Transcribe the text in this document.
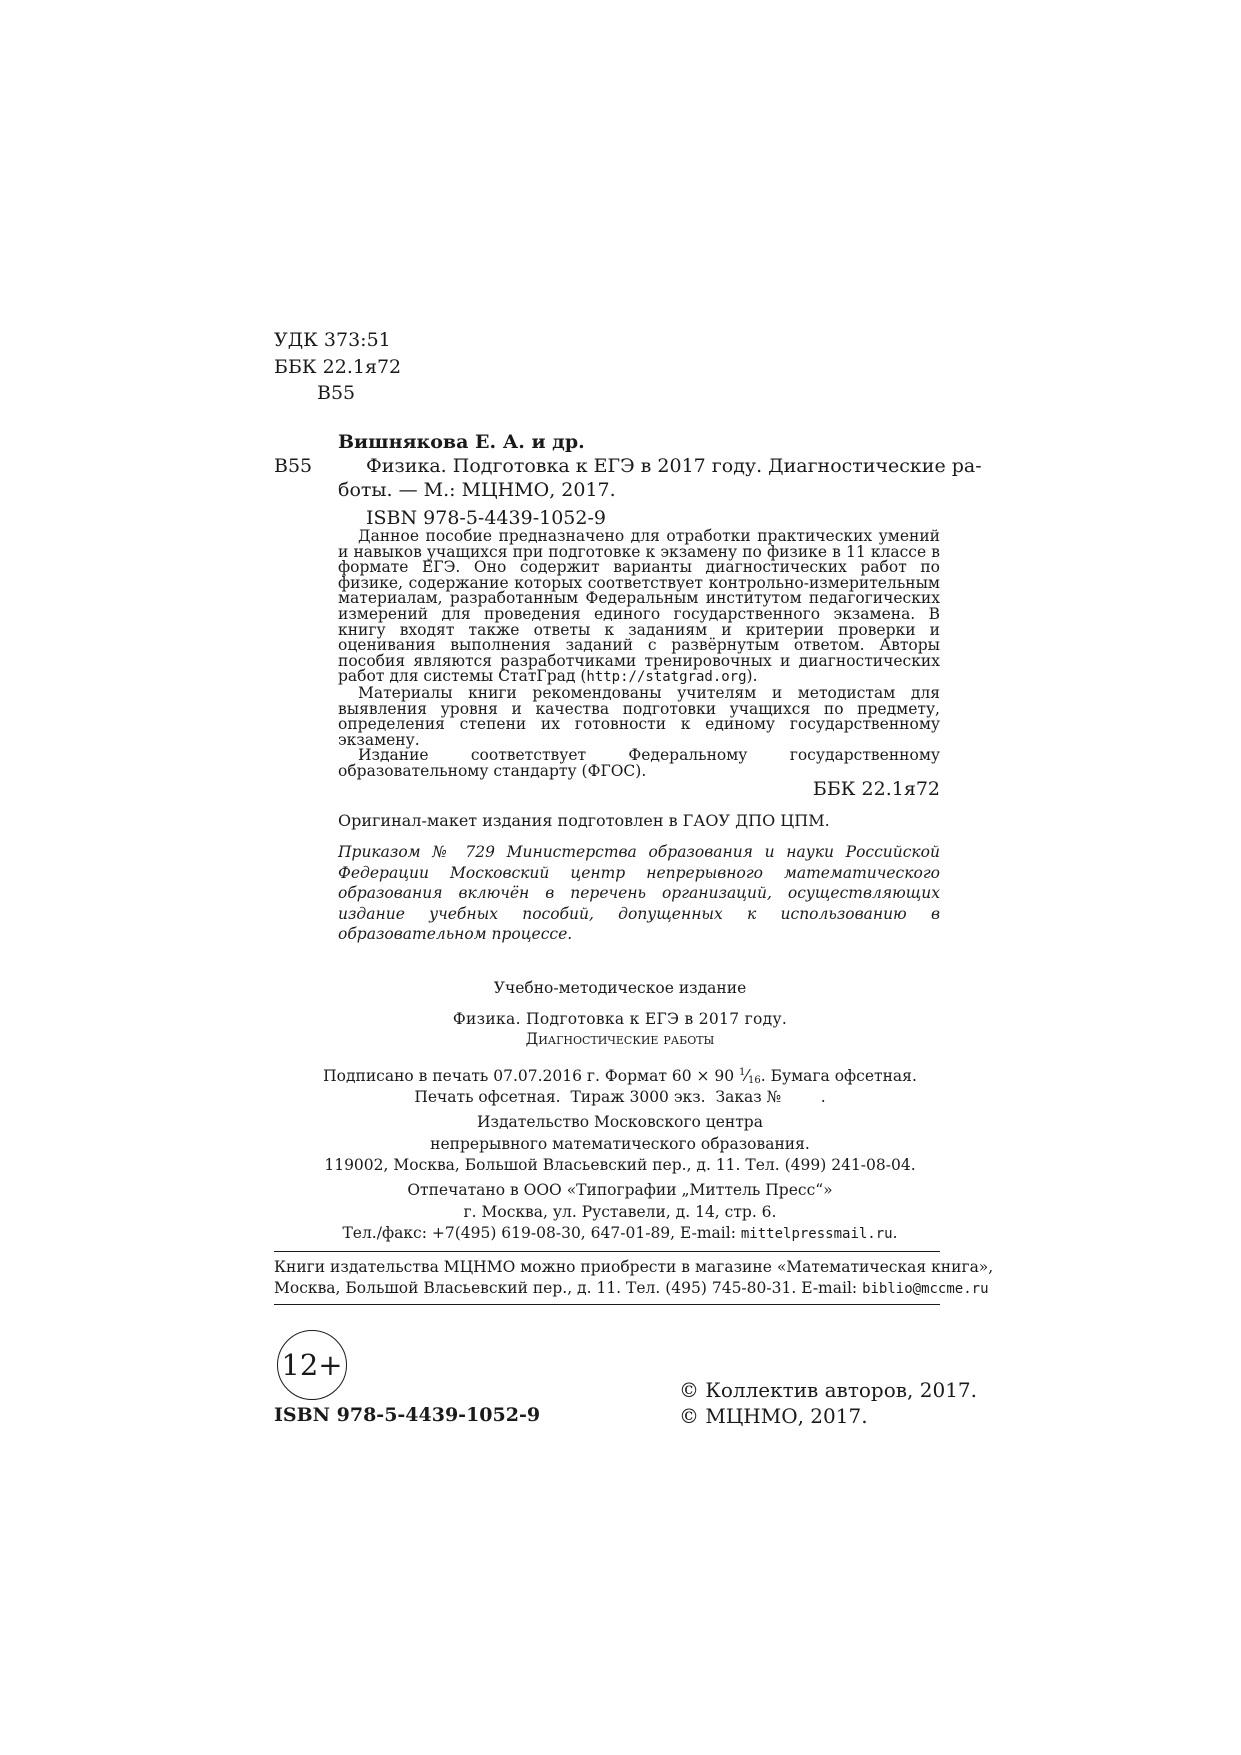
УДК 373:51
ББК 22.1я72
В55
Вишнякова Е. А. и др.
В55	Физика. Подготовка к ЕГЭ в 2017 году. Диагностические ра-
боты. — М.: МЦНМО, 2017.
ISBN 978-5-4439-1052-9

Данное пособие предназначено для отработки практических умений и навыков учащихся при подготовке к экзамену по физике в 11 классе в формате ЕГЭ. Оно содержит варианты диагностических работ по физике, содержание которых соответствует контрольно-измерительным материалам, разработанным Федеральным институтом педагогических измерений для проведения единого государственного экзамена. В книгу входят также ответы к заданиям и критерии проверки и оценивания выполнения заданий с развёрнутым ответом. Авторы пособия являются разработчиками тренировочных и диагностических работ для системы СтатГрад (http://statgrad.org).

Материалы книги рекомендованы учителям и методистам для выявления уровня и качества подготовки учащихся по предмету, определения степени их готовности к единому государственному экзамену.

Издание соответствует Федеральному государственному образовательному стандарту (ФГОС).

ББК 22.1я72
Оригинал-макет издания подготовлен в ГАОУ ДПО ЦПМ.
Приказом № 729 Министерства образования и науки Российской Федерации Московский центр непрерывного математического образования включён в перечень организаций, осуществляющих издание учебных пособий, допущенных к использованию в образовательном процессе.
Учебно-методическое издание
Физика. Подготовка к ЕГЭ в 2017 году.
Диагностические работы
Подписано в печать 07.07.2016 г. Формат 60 × 90 $^1⁄_{16}$. Бумага офсетная.
Печать офсетная.  Тираж 3000 экз.  Заказ №        .
Издательство Московского центра
непрерывного математического образования.
119002, Москва, Большой Власьевский пер., д. 11. Тел. (499) 241-08-04.
Отпечатано в ООО «Типографии „Миттель Пресс“»
г. Москва, ул. Руставели, д. 14, стр. 6.
Тел./факс: +7(495) 619-08-30, 647-01-89, E-mail: mittelpressmail.ru.
Книги издательства МЦНМО можно приобрести в магазине «Математическая книга»,
Москва, Большой Власьевский пер., д. 11. Тел. (495) 745-80-31. E-mail: biblio@mccme.ru
12+
ISBN 978-5-4439-1052-9
© Коллектив авторов, 2017.
© МЦНМО, 2017.
